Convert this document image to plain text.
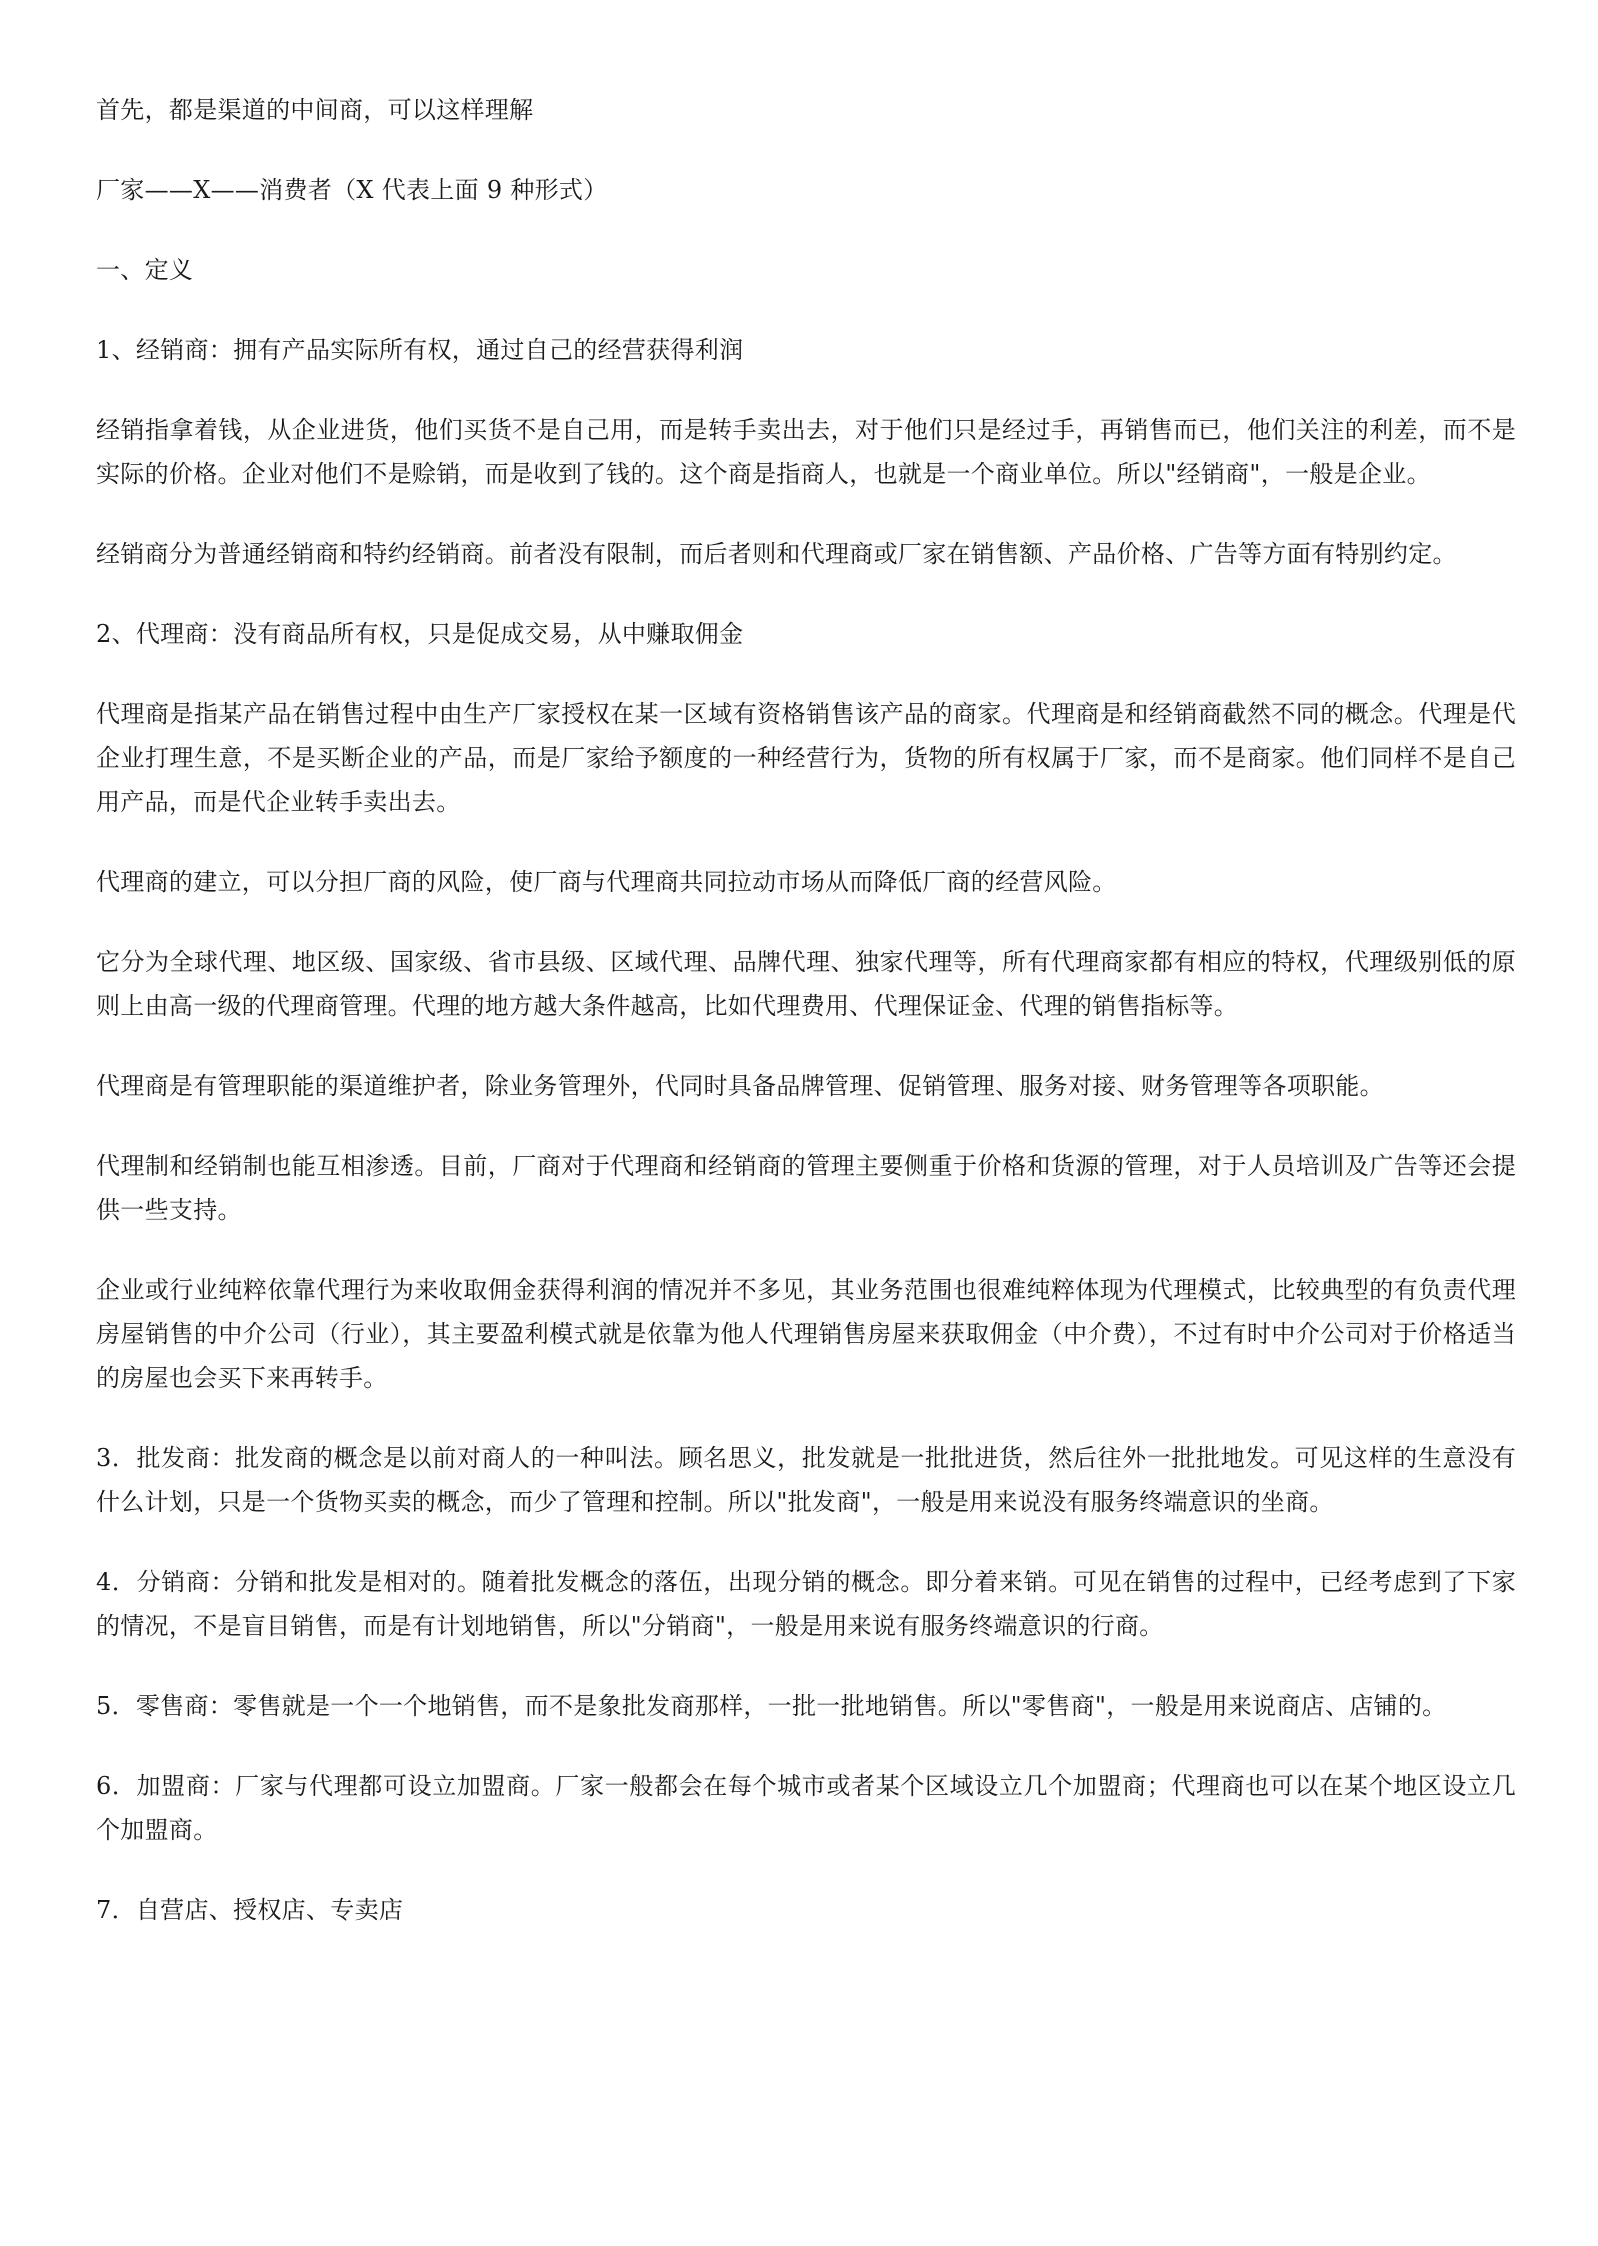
首先，都是渠道的中间商，可以这样理解

厂家——X——消费者（X 代表上面 9 种形式）

一、定义

1、经销商：拥有产品实际所有权，通过自己的经营获得利润

经销指拿着钱，从企业进货，他们买货不是自己用，而是转手卖出去，对于他们只是经过手，再销售而已，他们关注的利差，而不是实际的价格。企业对他们不是赊销，而是收到了钱的。这个商是指商人，也就是一个商业单位。所以"经销商"，一般是企业。

经销商分为普通经销商和特约经销商。前者没有限制，而后者则和代理商或厂家在销售额、产品价格、广告等方面有特别约定。

2、代理商：没有商品所有权，只是促成交易，从中赚取佣金

代理商是指某产品在销售过程中由生产厂家授权在某一区域有资格销售该产品的商家。代理商是和经销商截然不同的概念。代理是代企业打理生意，不是买断企业的产品，而是厂家给予额度的一种经营行为，货物的所有权属于厂家，而不是商家。他们同样不是自己用产品，而是代企业转手卖出去。

代理商的建立，可以分担厂商的风险，使厂商与代理商共同拉动市场从而降低厂商的经营风险。

它分为全球代理、地区级、国家级、省市县级、区域代理、品牌代理、独家代理等，所有代理商家都有相应的特权，代理级别低的原则上由高一级的代理商管理。代理的地方越大条件越高，比如代理费用、代理保证金、代理的销售指标等。

代理商是有管理职能的渠道维护者，除业务管理外，代同时具备品牌管理、促销管理、服务对接、财务管理等各项职能。

代理制和经销制也能互相渗透。目前，厂商对于代理商和经销商的管理主要侧重于价格和货源的管理，对于人员培训及广告等还会提供一些支持。

企业或行业纯粹依靠代理行为来收取佣金获得利润的情况并不多见，其业务范围也很难纯粹体现为代理模式，比较典型的有负责代理房屋销售的中介公司（行业），其主要盈利模式就是依靠为他人代理销售房屋来获取佣金（中介费），不过有时中介公司对于价格适当的房屋也会买下来再转手。

3．批发商：批发商的概念是以前对商人的一种叫法。顾名思义，批发就是一批批进货，然后往外一批批地发。可见这样的生意没有什么计划，只是一个货物买卖的概念，而少了管理和控制。所以"批发商"，一般是用来说没有服务终端意识的坐商。

4．分销商：分销和批发是相对的。随着批发概念的落伍，出现分销的概念。即分着来销。可见在销售的过程中，已经考虑到了下家的情况，不是盲目销售，而是有计划地销售，所以"分销商"，一般是用来说有服务终端意识的行商。

5．零售商：零售就是一个一个地销售，而不是象批发商那样，一批一批地销售。所以"零售商"，一般是用来说商店、店铺的。

6．加盟商：厂家与代理都可设立加盟商。厂家一般都会在每个城市或者某个区域设立几个加盟商；代理商也可以在某个地区设立几个加盟商。

7．自营店、授权店、专卖店
